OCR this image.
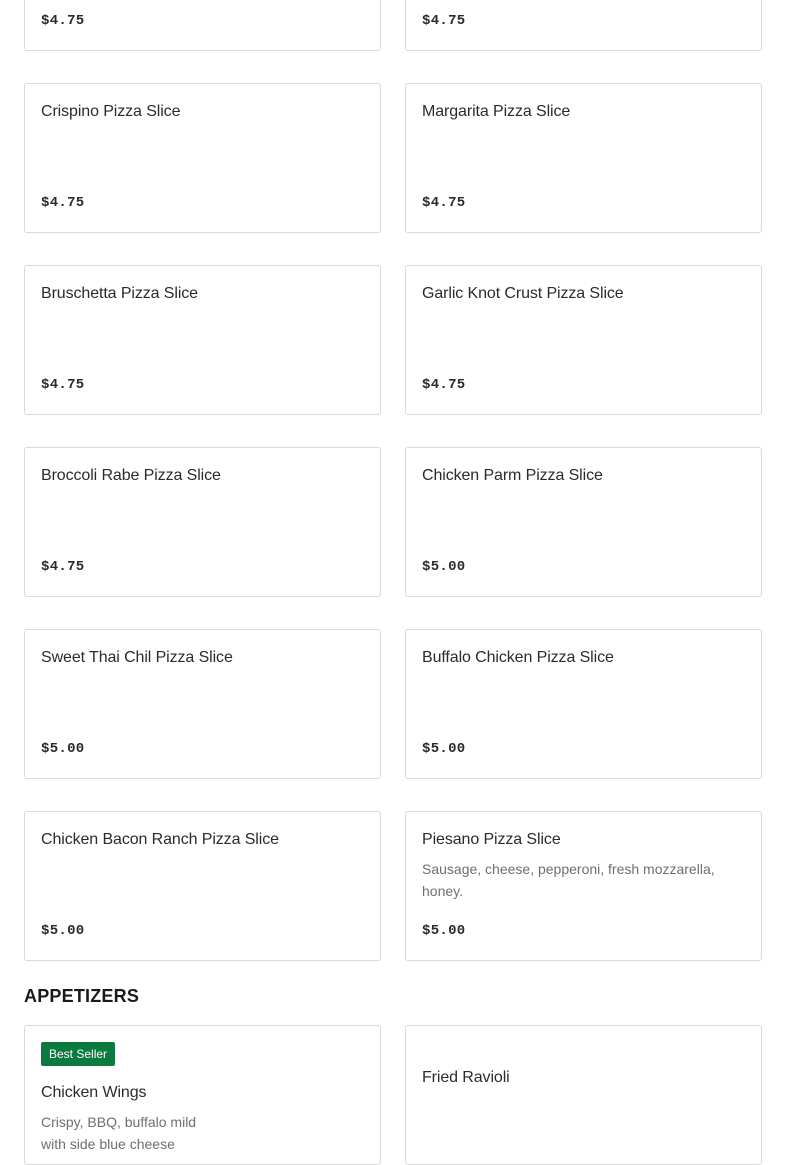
$4.75	$4.75
Crispino Pizza Slice
$4.75
Margarita Pizza Slice
$4.75
Bruschetta Pizza Slice
$4.75
Garlic Knot Crust Pizza Slice
$4.75
Broccoli Rabe Pizza Slice
$4.75
Chicken Parm Pizza Slice
$5.00
Sweet Thai Chil Pizza Slice
$5.00
Buffalo Chicken Pizza Slice
$5.00
Chicken Bacon Ranch Pizza Slice
$5.00
Piesano Pizza Slice
Sausage, cheese, pepperoni, fresh mozzarella, honey.
$5.00
APPETIZERS
Best Seller
Chicken Wings
Crispy, BBQ, buffalo mild with side blue cheese
Fried Ravioli
